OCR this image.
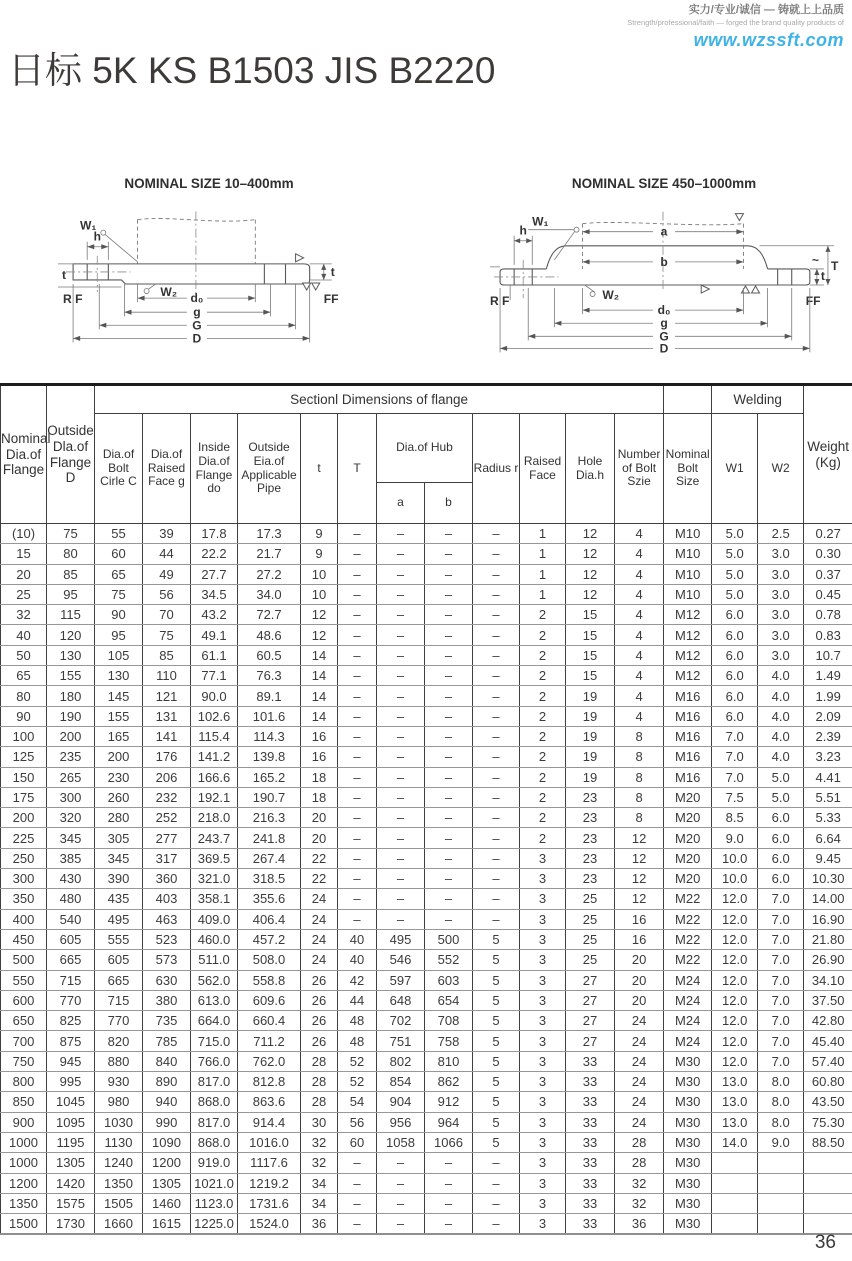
实力/专业/诚信 — 铸就上上品质
Strength/professional/faith — forged the brand quality products of
www.wzssft.com
日标 5K KS B1503 JIS B2220
NOMINAL SIZE 10–400mm
h
W₁
t
R F
W₂
t
FF
d₀
g
G
D
NOMINAL SIZE 450–1000mm
a
b
W₁
h
R F	W₂
t
~ T
FF
d₀
g
G
D
Nominal Dia.of Flange	Outside Dla.of Flange D	Sectionl Dimensions of flange													Welding		Weight (Kg)
		Dia.of Bolt Cirle C	Dia.of Raised Face g	Inside Dia.of Flange do	Outside Eia.of Applicable Pipe	t	T	Dia.of Hub		Radius r	Raised Face	Hole Dia.h	Number of Bolt Szie	Nominal Bolt Size	W1	W2	
								a	b								
(10)	75	55	39	17.8	17.3	9	–	–	–	–	1	12	4	M10	5.0	2.5	0.27
15	80	60	44	22.2	21.7	9	–	–	–	–	1	12	4	M10	5.0	3.0	0.30
20	85	65	49	27.7	27.2	10	–	–	–	–	1	12	4	M10	5.0	3.0	0.37
25	95	75	56	34.5	34.0	10	–	–	–	–	1	12	4	M10	5.0	3.0	0.45
32	115	90	70	43.2	72.7	12	–	–	–	–	2	15	4	M12	6.0	3.0	0.78
40	120	95	75	49.1	48.6	12	–	–	–	–	2	15	4	M12	6.0	3.0	0.83
50	130	105	85	61.1	60.5	14	–	–	–	–	2	15	4	M12	6.0	3.0	10.7
65	155	130	110	77.1	76.3	14	–	–	–	–	2	15	4	M12	6.0	4.0	1.49
80	180	145	121	90.0	89.1	14	–	–	–	–	2	19	4	M16	6.0	4.0	1.99
90	190	155	131	102.6	101.6	14	–	–	–	–	2	19	4	M16	6.0	4.0	2.09
100	200	165	141	115.4	114.3	16	–	–	–	–	2	19	8	M16	7.0	4.0	2.39
125	235	200	176	141.2	139.8	16	–	–	–	–	2	19	8	M16	7.0	4.0	3.23
150	265	230	206	166.6	165.2	18	–	–	–	–	2	19	8	M16	7.0	5.0	4.41
175	300	260	232	192.1	190.7	18	–	–	–	–	2	23	8	M20	7.5	5.0	5.51
200	320	280	252	218.0	216.3	20	–	–	–	–	2	23	8	M20	8.5	6.0	5.33
225	345	305	277	243.7	241.8	20	–	–	–	–	2	23	12	M20	9.0	6.0	6.64
250	385	345	317	369.5	267.4	22	–	–	–	–	3	23	12	M20	10.0	6.0	9.45
300	430	390	360	321.0	318.5	22	–	–	–	–	3	23	12	M20	10.0	6.0	10.30
350	480	435	403	358.1	355.6	24	–	–	–	–	3	25	12	M22	12.0	7.0	14.00
400	540	495	463	409.0	406.4	24	–	–	–	–	3	25	16	M22	12.0	7.0	16.90
450	605	555	523	460.0	457.2	24	40	495	500	5	3	25	16	M22	12.0	7.0	21.80
500	665	605	573	511.0	508.0	24	40	546	552	5	3	25	20	M22	12.0	7.0	26.90
550	715	665	630	562.0	558.8	26	42	597	603	5	3	27	20	M24	12.0	7.0	34.10
600	770	715	380	613.0	609.6	26	44	648	654	5	3	27	20	M24	12.0	7.0	37.50
650	825	770	735	664.0	660.4	26	48	702	708	5	3	27	24	M24	12.0	7.0	42.80
700	875	820	785	715.0	711.2	26	48	751	758	5	3	27	24	M24	12.0	7.0	45.40
750	945	880	840	766.0	762.0	28	52	802	810	5	3	33	24	M30	12.0	7.0	57.40
800	995	930	890	817.0	812.8	28	52	854	862	5	3	33	24	M30	13.0	8.0	60.80
850	1045	980	940	868.0	863.6	28	54	904	912	5	3	33	24	M30	13.0	8.0	43.50
900	1095	1030	990	817.0	914.4	30	56	956	964	5	3	33	24	M30	13.0	8.0	75.30
1000	1195	1130	1090	868.0	1016.0	32	60	1058	1066	5	3	33	28	M30	14.0	9.0	88.50
1000	1305	1240	1200	919.0	1117.6	32	–	–	–	–	3	33	28	M30			
1200	1420	1350	1305	1021.0	1219.2	34	–	–	–	–	3	33	32	M30			
1350	1575	1505	1460	1123.0	1731.6	34	–	–	–	–	3	33	32	M30			
1500	1730	1660	1615	1225.0	1524.0	36	–	–	–	–	3	33	36	M30			
36
